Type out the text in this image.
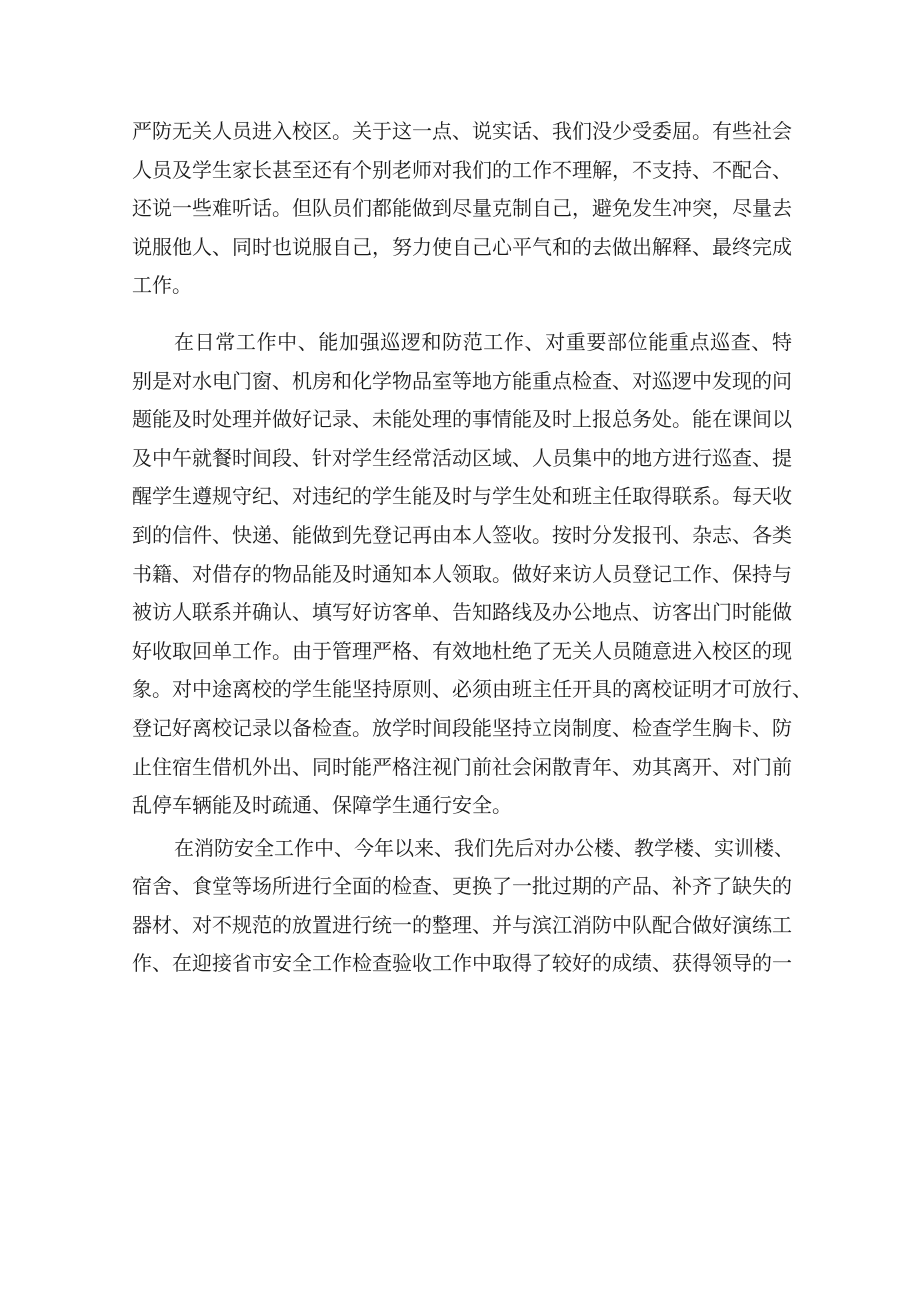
严防无关人员进入校区。关于这一点、说实话、我们没少受委屈。有些社会
人员及学生家长甚至还有个别老师对我们的工作不理解，不支持、不配合、
还说一些难听话。但队员们都能做到尽量克制自己，避免发生冲突，尽量去
说服他人、同时也说服自己，努力使自己心平气和的去做出解释、最终完成
工作。
在日常工作中、能加强巡逻和防范工作、对重要部位能重点巡查、特
别是对水电门窗、机房和化学物品室等地方能重点检查、对巡逻中发现的问
题能及时处理并做好记录、未能处理的事情能及时上报总务处。能在课间以
及中午就餐时间段、针对学生经常活动区域、人员集中的地方进行巡查、提
醒学生遵规守纪、对违纪的学生能及时与学生处和班主任取得联系。每天收
到的信件、快递、能做到先登记再由本人签收。按时分发报刊、杂志、各类
书籍、对借存的物品能及时通知本人领取。做好来访人员登记工作、保持与
被访人联系并确认、填写好访客单、告知路线及办公地点、访客出门时能做
好收取回单工作。由于管理严格、有效地杜绝了无关人员随意进入校区的现
象。对中途离校的学生能坚持原则、必须由班主任开具的离校证明才可放行、
登记好离校记录以备检查。放学时间段能坚持立岗制度、检查学生胸卡、防
止住宿生借机外出、同时能严格注视门前社会闲散青年、劝其离开、对门前
乱停车辆能及时疏通、保障学生通行安全。
在消防安全工作中、今年以来、我们先后对办公楼、教学楼、实训楼、
宿舍、食堂等场所进行全面的检查、更换了一批过期的产品、补齐了缺失的
器材、对不规范的放置进行统一的整理、并与滨江消防中队配合做好演练工
作、在迎接省市安全工作检查验收工作中取得了较好的成绩、获得领导的一
